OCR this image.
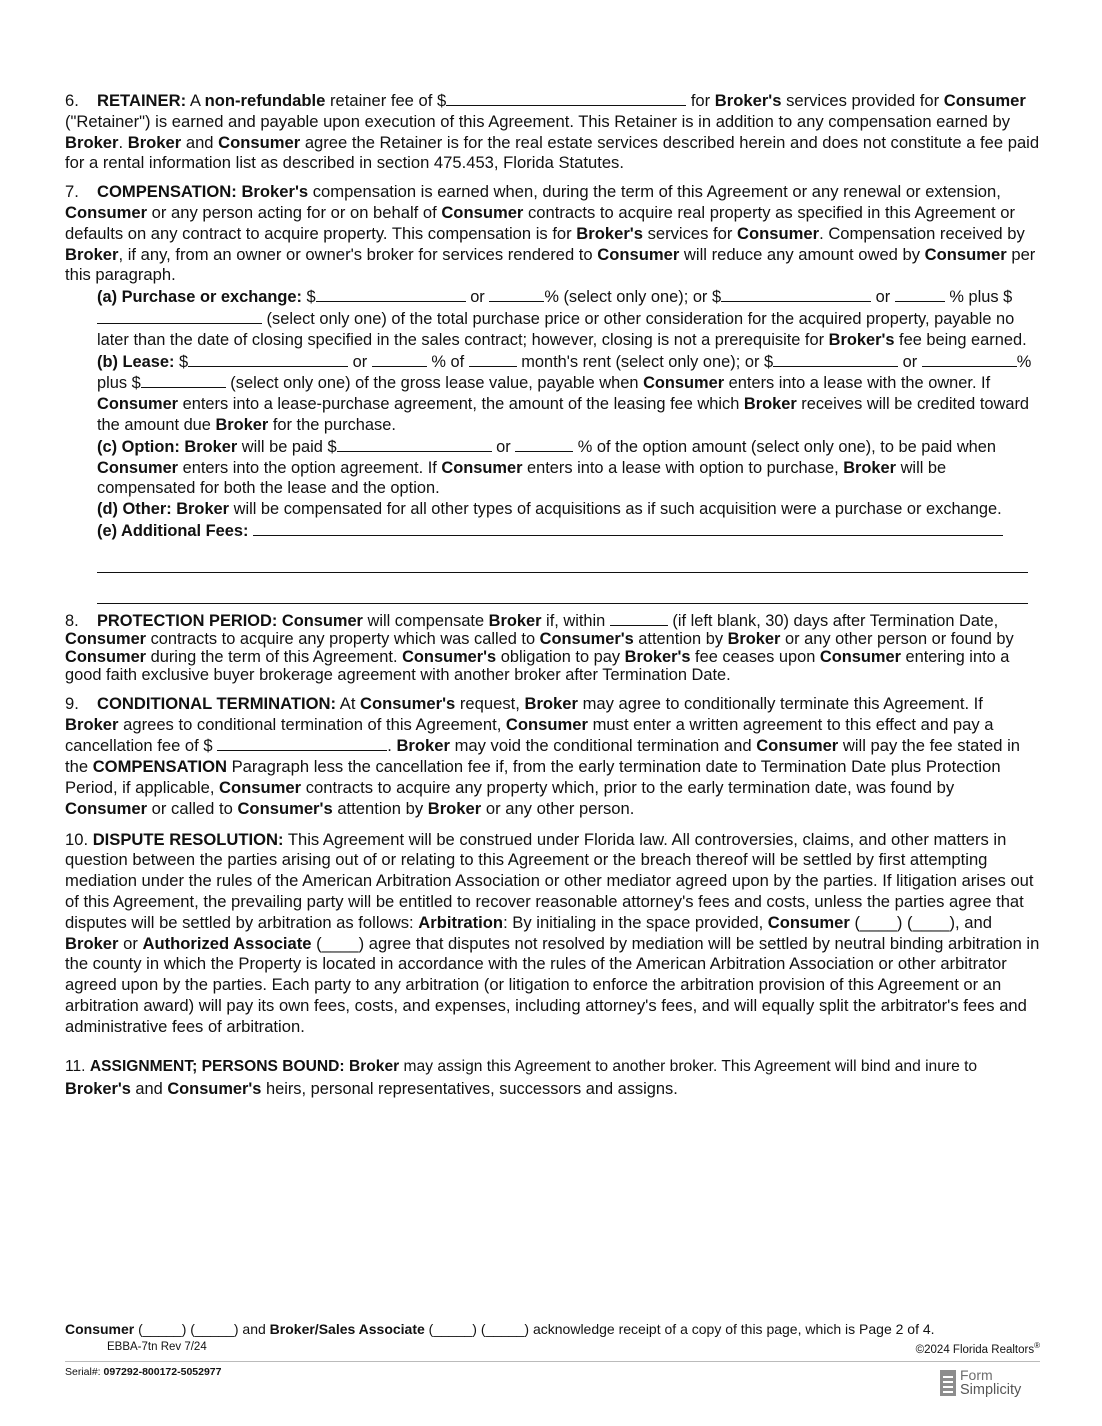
6. RETAINER: A non-refundable retainer fee of $	for Broker's services provided for Consumer ("Retainer") is earned and payable upon execution of this Agreement. This Retainer is in addition to any compensation earned by Broker. Broker and Consumer agree the Retainer is for the real estate services described herein and does not constitute a fee paid for a rental information list as described in section 475.453, Florida Statutes.

7. COMPENSATION: Broker's compensation is earned when, during the term of this Agreement or any renewal or extension, Consumer or any person acting for or on behalf of Consumer contracts to acquire real property as specified in this Agreement or defaults on any contract to acquire property. This compensation is for Broker's services for Consumer. Compensation received by Broker, if any, from an owner or owner's broker for services rendered to Consumer will reduce any amount owed by Consumer per this paragraph.

(a) Purchase or exchange: $	or	% (select only one); or $	or	% plus $ (select only one) of the total purchase price or other consideration for the acquired property, payable no later than the date of closing specified in the sales contract; however, closing is not a prerequisite for Broker's fee being earned.

(b) Lease: $	or	% of	month's rent (select only one); or $	or	% plus $	(select only one) of the gross lease value, payable when Consumer enters into a lease with the owner. If Consumer enters into a lease-purchase agreement, the amount of the leasing fee which Broker receives will be credited toward the amount due Broker for the purchase.

(c) Option: Broker will be paid $	or	% of the option amount (select only one), to be paid when Consumer enters into the option agreement. If Consumer enters into a lease with option to purchase, Broker will be compensated for both the lease and the option.

(d) Other: Broker will be compensated for all other types of acquisitions as if such acquisition were a purchase or exchange.

(e) Additional Fees:

8. PROTECTION PERIOD: Consumer will compensate Broker if, within	(if left blank, 30) days after Termination Date, Consumer contracts to acquire any property which was called to Consumer's attention by Broker or any other person or found by Consumer during the term of this Agreement. Consumer's obligation to pay Broker's fee ceases upon Consumer entering into a good faith exclusive buyer brokerage agreement with another broker after Termination Date.

9. CONDITIONAL TERMINATION: At Consumer's request, Broker may agree to conditionally terminate this Agreement. If Broker agrees to conditional termination of this Agreement, Consumer must enter a written agreement to this effect and pay a cancellation fee of $	. Broker may void the conditional termination and Consumer will pay the fee stated in the COMPENSATION Paragraph less the cancellation fee if, from the early termination date to Termination Date plus Protection Period, if applicable, Consumer contracts to acquire any property which, prior to the early termination date, was found by Consumer or called to Consumer's attention by Broker or any other person.

10. DISPUTE RESOLUTION: This Agreement will be construed under Florida law. All controversies, claims, and other matters in question between the parties arising out of or relating to this Agreement or the breach thereof will be settled by first attempting mediation under the rules of the American Arbitration Association or other mediator agreed upon by the parties. If litigation arises out of this Agreement, the prevailing party will be entitled to recover reasonable attorney's fees and costs, unless the parties agree that disputes will be settled by arbitration as follows: Arbitration: By initialing in the space provided, Consumer (____) (____), and Broker or Authorized Associate (____) agree that disputes not resolved by mediation will be settled by neutral binding arbitration in the county in which the Property is located in accordance with the rules of the American Arbitration Association or other arbitrator agreed upon by the parties. Each party to any arbitration (or litigation to enforce the arbitration provision of this Agreement or an arbitration award) will pay its own fees, costs, and expenses, including attorney's fees, and will equally split the arbitrator's fees and administrative fees of arbitration.

11. ASSIGNMENT; PERSONS BOUND: Broker may assign this Agreement to another broker. This Agreement will bind and inure to Broker's and Consumer's heirs, personal representatives, successors and assigns.

Consumer (_____) (_____) and Broker/Sales Associate (_____) (_____) acknowledge receipt of a copy of this page, which is Page 2 of 4.

EBBA-7tn Rev 7/24	©2024 Florida Realtors®
Serial#: 097292-800172-5052977	Form
Simplicity
